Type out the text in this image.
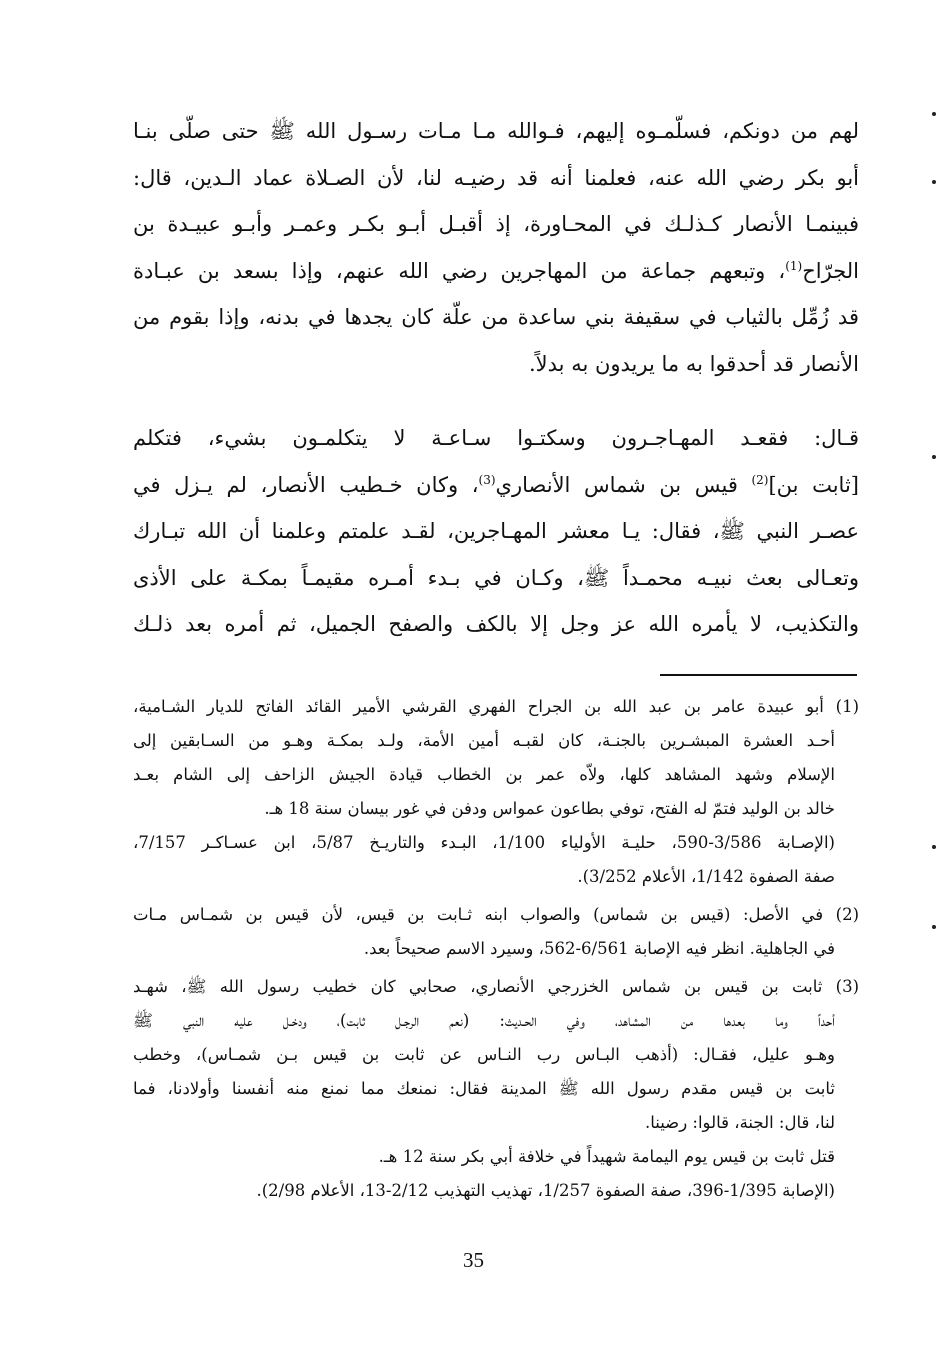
لهم من دونكم، فسلّمـوه إليهم، فـوالله مـا مـات رسـول الله ﷺ حتى صلّى بنـا
أبو بكر رضي الله عنه، فعلمنا أنه قد رضيـه لنا، لأن الصـلاة عماد الـدين، قال:
فبينمـا الأنصار كـذلـك في المحـاورة، إذ أقبـل أبـو بكـر وعمـر وأبـو عبيـدة بن
الجرّاح$^{(1)}$، وتبعهم جماعة من المهاجرين رضي الله عنهم، وإذا بسعد بن عبـادة
قد زُمِّل بالثياب في سقيفة بني ساعدة من علّة كان يجدها في بدنه، وإذا بقوم من
الأنصار قد أحدقوا به ما يريدون به بدلاً.
قـال: فقعـد المهـاجـرون وسكتـوا سـاعـة لا يتكلمـون بشيء، فتكلم
[ثابت بن]$^{(2)}$ قيس بن شماس الأنصاري$^{(3)}$، وكان خـطيب الأنصار، لم يـزل في
عصـر النبي ﷺ، فقال: يـا معشر المهـاجرين، لقـد علمتم وعلمنا أن الله تبـارك
وتعـالى بعث نبيـه محمـداً ﷺ، وكـان في بـدء أمـره مقيمـاً بمكـة على الأذى
والتكذيب، لا يأمره الله عز وجل إلا بالكف والصفح الجميل، ثم أمره بعد ذلـك
(1) أبو عبيدة عامر بن عبد الله بن الجراح الفهري القرشي الأمير القائد الفاتح للديار الشـامية،
أحـد العشرة المبشـرين بالجنـة، كان لقبـه أمين الأمة، ولـد بمكـة وهـو من السـابقين إلى
الإسلام وشهد المشاهد كلها، ولاّه عمر بن الخطاب قيادة الجيش الزاحف إلى الشام بعـد
خالد بن الوليد فتمّ له الفتح، توفي بطاعون عمواس ودفن في غور بيسان سنة 18 هـ.
(الإصـابة 3/586-590، حليـة الأولياء 1/100، البـدء والتاريـخ 5/87، ابن عسـاكـر 7/157،
صفة الصفوة 1/142، الأعلام 3/252).
(2) في الأصل: (قيس بن شماس) والصواب ابنه ثـابت بن قيس، لأن قيس بن شمـاس مـات
في الجاهلية. انظر فيه الإصابة 6/561-562، وسيرد الاسم صحيحاً بعد.
(3) ثابت بن قيس بن شماس الخزرجي الأنصاري، صحابي كان خطيب رسول الله ﷺ، شهـد
أحداً وما بعدها من المشاهد، وفي الحـديث: (نعم الرجـل ثابت)، ودخـل عليه النبي ﷺ
وهـو عليل، فقـال: (أذهب البـاس رب النـاس عن ثابت بن قيس بـن شمـاس)، وخطب
ثابت بن قيس مقدم رسول الله ﷺ المدينة فقال: نمنعك مما نمنع منه أنفسنا وأولادنا، فما
لنا، قال: الجنة، قالوا: رضينا.
قتل ثابت بن قيس يوم اليمامة شهيداً في خلافة أبي بكر سنة 12 هـ.
(الإصابة 1/395-396، صفة الصفوة 1/257، تهذيب التهذيب 2/12-13، الأعلام 2/98).
35
